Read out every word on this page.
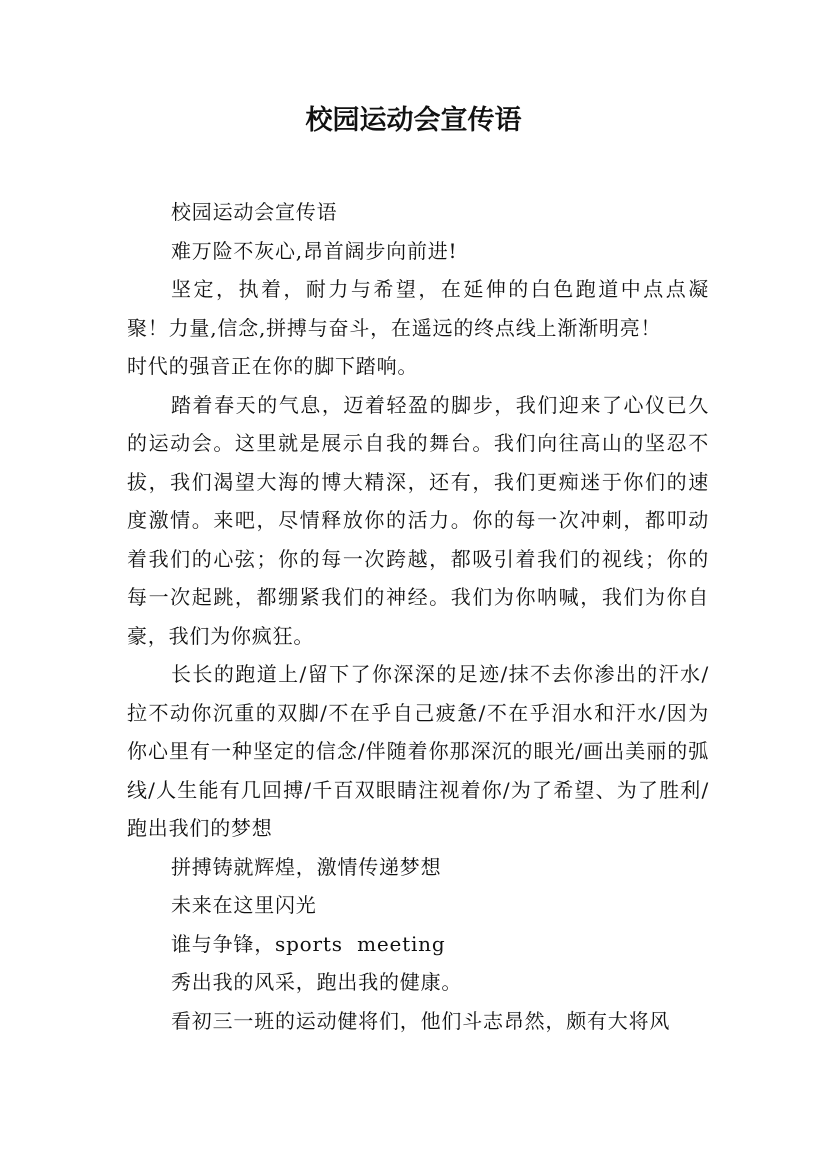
校园运动会宣传语

校园运动会宣传语

难万险不灰心,昂首阔步向前进!

坚定，执着，耐力与希望，在延伸的白色跑道中点点凝聚！力量,信念,拼搏与奋斗，在遥远的终点线上渐渐明亮！

时代的强音正在你的脚下踏响。

踏着春天的气息，迈着轻盈的脚步，我们迎来了心仪已久的运动会。这里就是展示自我的舞台。我们向往高山的坚忍不拔，我们渴望大海的博大精深，还有，我们更痴迷于你们的速度激情。来吧，尽情释放你的活力。你的每一次冲刺，都叩动着我们的心弦；你的每一次跨越，都吸引着我们的视线；你的每一次起跳，都绷紧我们的神经。我们为你呐喊，我们为你自豪，我们为你疯狂。

长长的跑道上/留下了你深深的足迹/抹不去你渗出的汗水/拉不动你沉重的双脚/不在乎自己疲惫/不在乎泪水和汗水/因为你心里有一种坚定的信念/伴随着你那深沉的眼光/画出美丽的弧线/人生能有几回搏/千百双眼睛注视着你/为了希望、为了胜利/跑出我们的梦想

拼搏铸就辉煌，激情传递梦想

未来在这里闪光

谁与争锋，sports  meeting

秀出我的风采，跑出我的健康。

看初三一班的运动健将们，他们斗志昂然，颇有大将风
